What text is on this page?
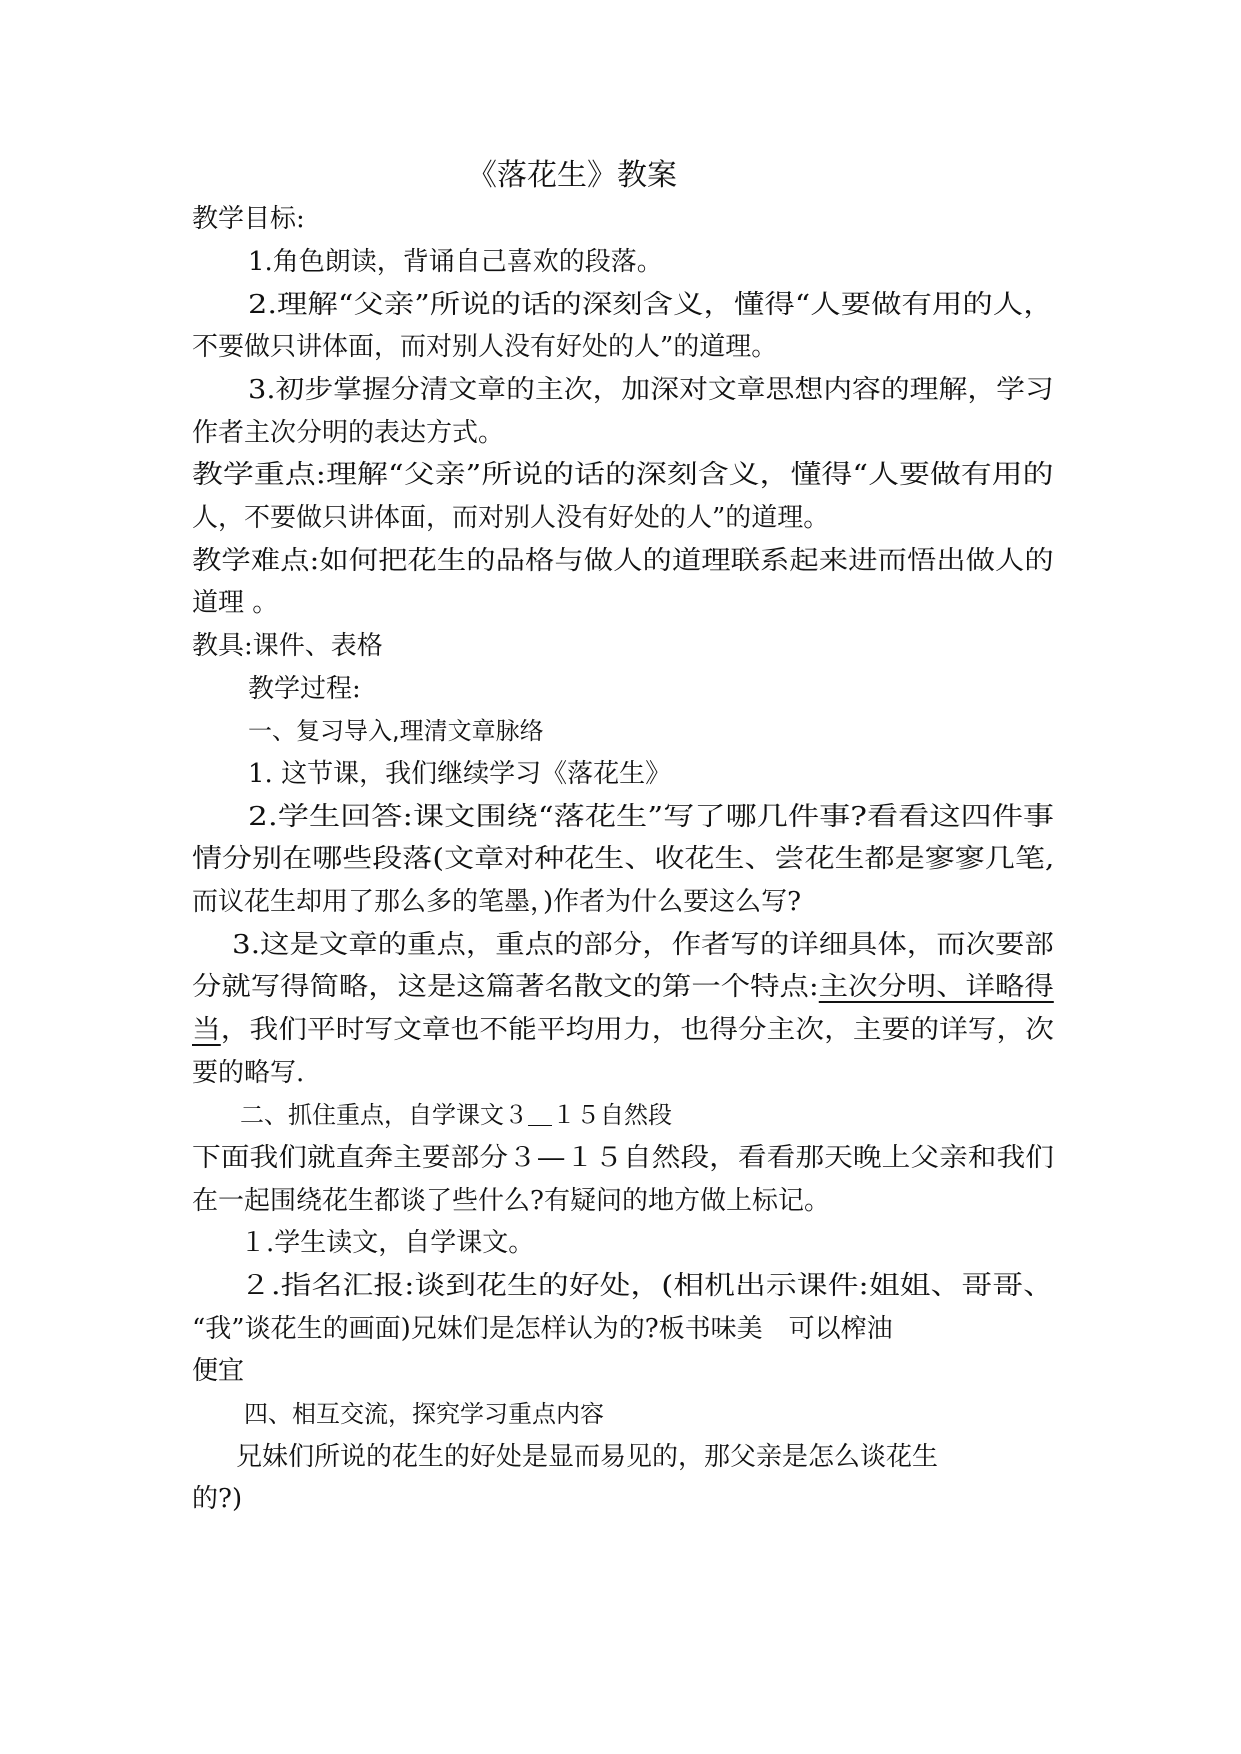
《落花生》教案
教学目标:
1.角色朗读，背诵自己喜欢的段落。
2.理解“父亲”所说的话的深刻含义，懂得“人要做有用的人，
不要做只讲体面，而对别人没有好处的人”的道理。
3.初步掌握分清文章的主次，加深对文章思想内容的理解，学习
作者主次分明的表达方式。
教学重点:理解“父亲”所说的话的深刻含义，懂得“人要做有用的
人，不要做只讲体面，而对别人没有好处的人”的道理。
教学难点:如何把花生的品格与做人的道理联系起来进而悟出做人的
道理 。
教具:课件、表格
教学过程:
一、复习导入,理清文章脉络
1. 这节课，我们继续学习《落花生》
2.学生回答:课文围绕“落花生”写了哪几件事?看看这四件事
情分别在哪些段落(文章对种花生、收花生、尝花生都是寥寥几笔,
而议花生却用了那么多的笔墨，)作者为什么要这么写?
3.这是文章的重点，重点的部分，作者写的详细具体，而次要部
分就写得简略，这是这篇著名散文的第一个特点:主次分明、详略得
当，我们平时写文章也不能平均用力，也得分主次，主要的详写，次
要的略写.
二、抓住重点，自学课文３＿１５自然段
下面我们就直奔主要部分３—１５自然段，看看那天晚上父亲和我们
在一起围绕花生都谈了些什么?有疑问的地方做上标记。
１.学生读文，自学课文。
２.指名汇报:谈到花生的好处，(相机出示课件:姐姐、哥哥、
“我”谈花生的画面)兄妹们是怎样认为的?板书味美　可以榨油
便宜
四、相互交流，探究学习重点内容
兄妹们所说的花生的好处是显而易见的，那父亲是怎么谈花生
的?)
